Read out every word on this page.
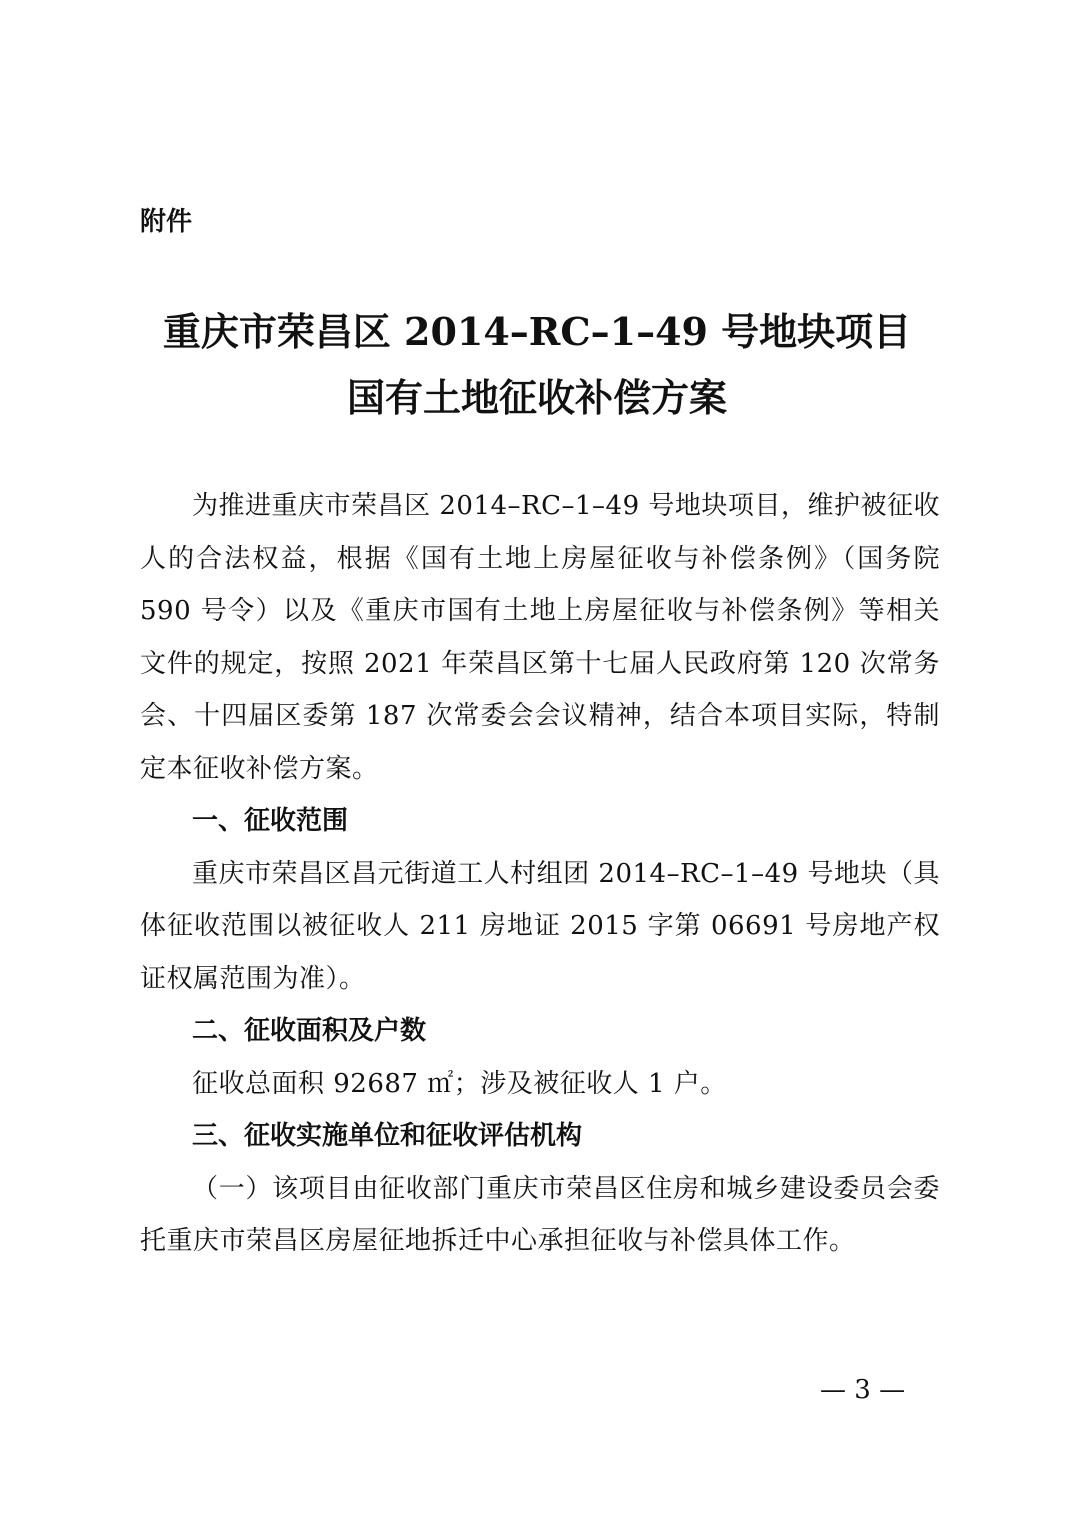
附件
重庆市荣昌区 2014–RC–1–49 号地块项目
国有土地征收补偿方案

为推进重庆市荣昌区 2014–RC–1–49 号地块项目，维护被征收人的合法权益，根据《国有土地上房屋征收与补偿条例》（国务院 590 号令）以及《重庆市国有土地上房屋征收与补偿条例》等相关文件的规定，按照 2021 年荣昌区第十七届人民政府第 120 次常务会、十四届区委第 187 次常委会会议精神，结合本项目实际，特制定本征收补偿方案。

一、征收范围

重庆市荣昌区昌元街道工人村组团 2014–RC–1–49 号地块（具体征收范围以被征收人 211 房地证 2015 字第 06691 号房地产权证权属范围为准）。

二、征收面积及户数

征收总面积 92687 ㎡；涉及被征收人 1 户。

三、征收实施单位和征收评估机构

（一）该项目由征收部门重庆市荣昌区住房和城乡建设委员会委托重庆市荣昌区房屋征地拆迁中心承担征收与补偿具体工作。

— 3 —
